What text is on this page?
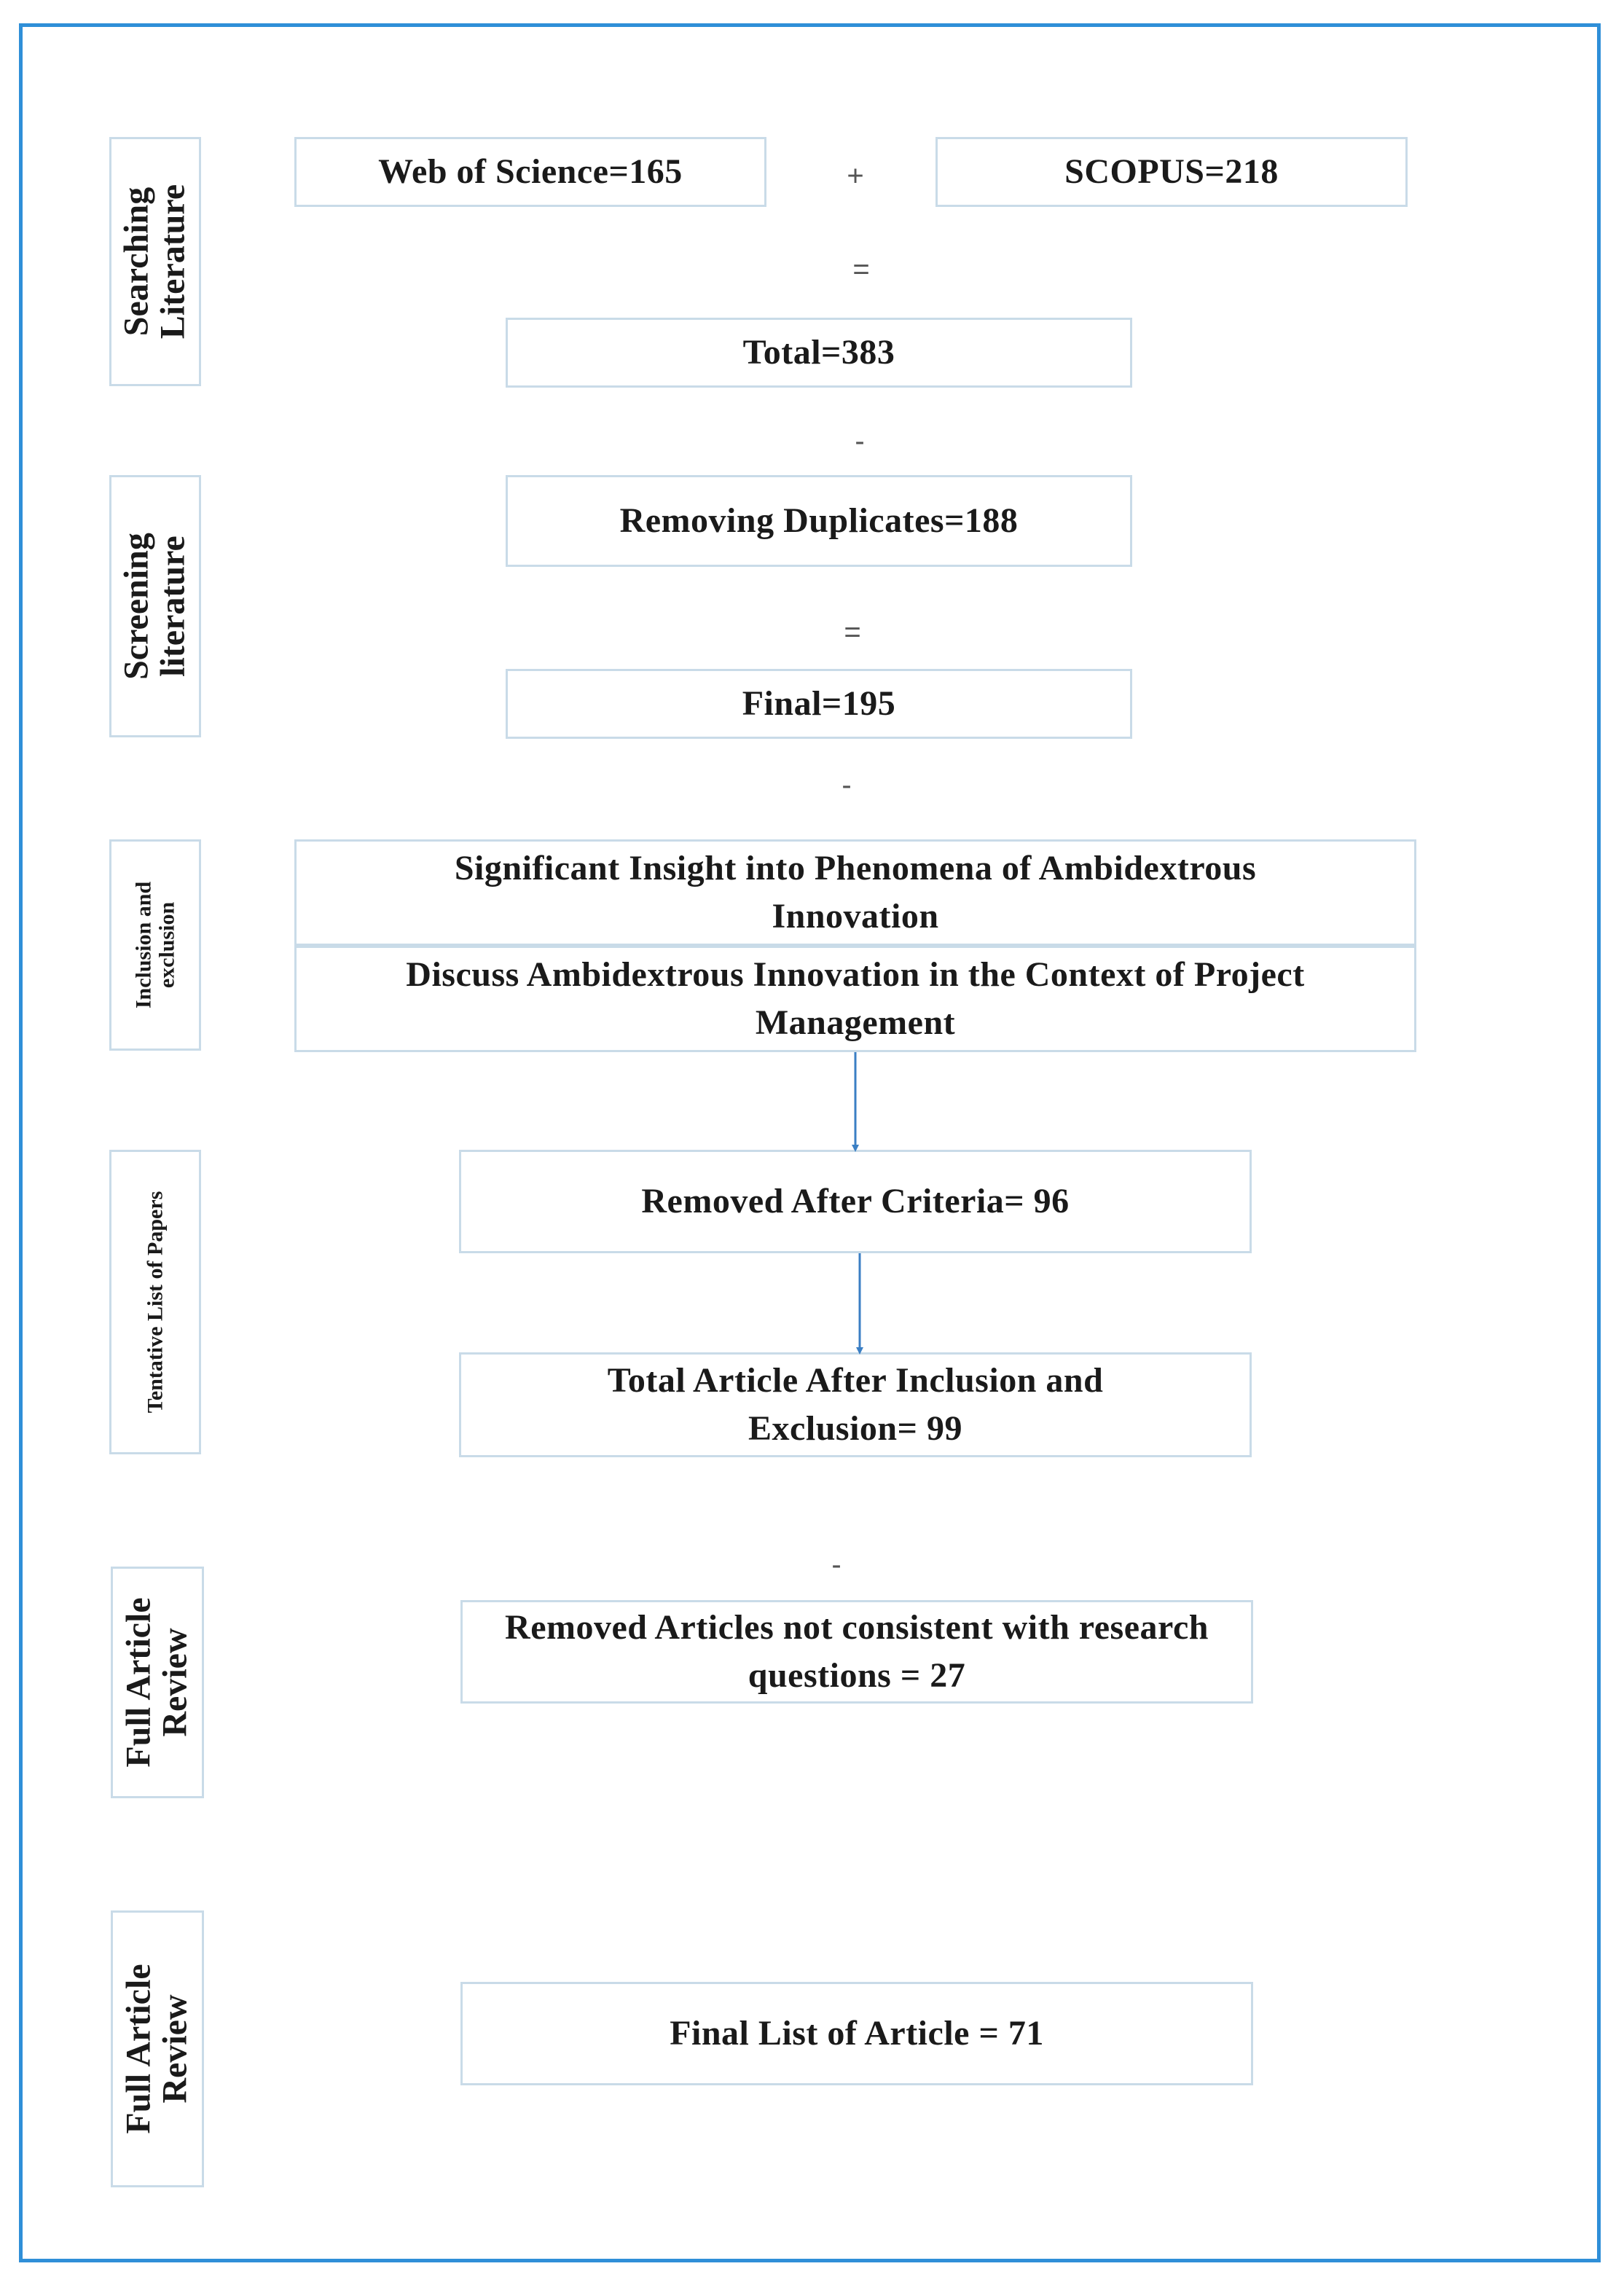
Searching
Literature
Screening
literature
Inclusion and
exclusion
Tentative List of Papers
Full Article
Review
Full Article
Review
Web of Science=165	SCOPUS=218
Total=383
Removing Duplicates=188
Final=195
Significant Insight into Phenomena of Ambidextrous Innovation
Discuss Ambidextrous Innovation in the Context of Project Management
Removed After Criteria= 96
Total Article After Inclusion and Exclusion= 99
Removed Articles not consistent with research questions = 27
Final List of Article = 71
+
=
-
=
-
-
